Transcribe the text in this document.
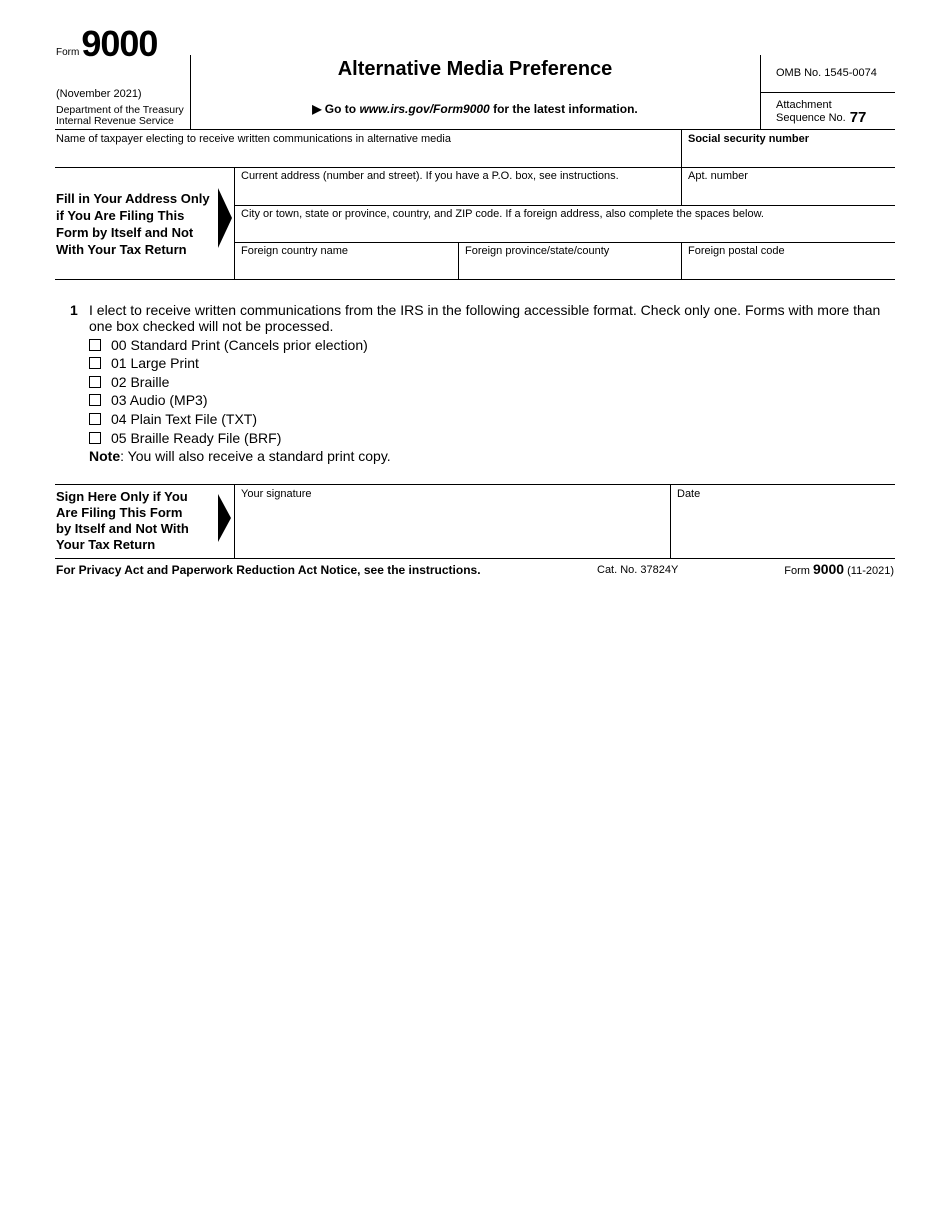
Form 9000
(November 2021)
Department of the Treasury
Internal Revenue Service
Alternative Media Preference
▶ Go to www.irs.gov/Form9000 for the latest information.
OMB No. 1545-0074
Attachment
Sequence No. 77
Name of taxpayer electing to receive written communications in alternative media	Social security number
Fill in Your Address Only
if You Are Filing This
Form by Itself and Not
With Your Tax Return
Current address (number and street). If you have a P.O. box, see instructions.	Apt. number
City or town, state or province, country, and ZIP code. If a foreign address, also complete the spaces below.
Foreign country name	Foreign province/state/county	Foreign postal code
1 I elect to receive written communications from the IRS in the following accessible format. Check only one. Forms with more than
one box checked will not be processed.
00 Standard Print (Cancels prior election)
01 Large Print
02 Braille
03 Audio (MP3)
04 Plain Text File (TXT)
05 Braille Ready File (BRF)
Note: You will also receive a standard print copy.
Sign Here Only if You
Are Filing This Form
by Itself and Not With
Your Tax Return
Your signature	Date
For Privacy Act and Paperwork Reduction Act Notice, see the instructions.	Cat. No. 37824Y	Form 9000 (11-2021)
